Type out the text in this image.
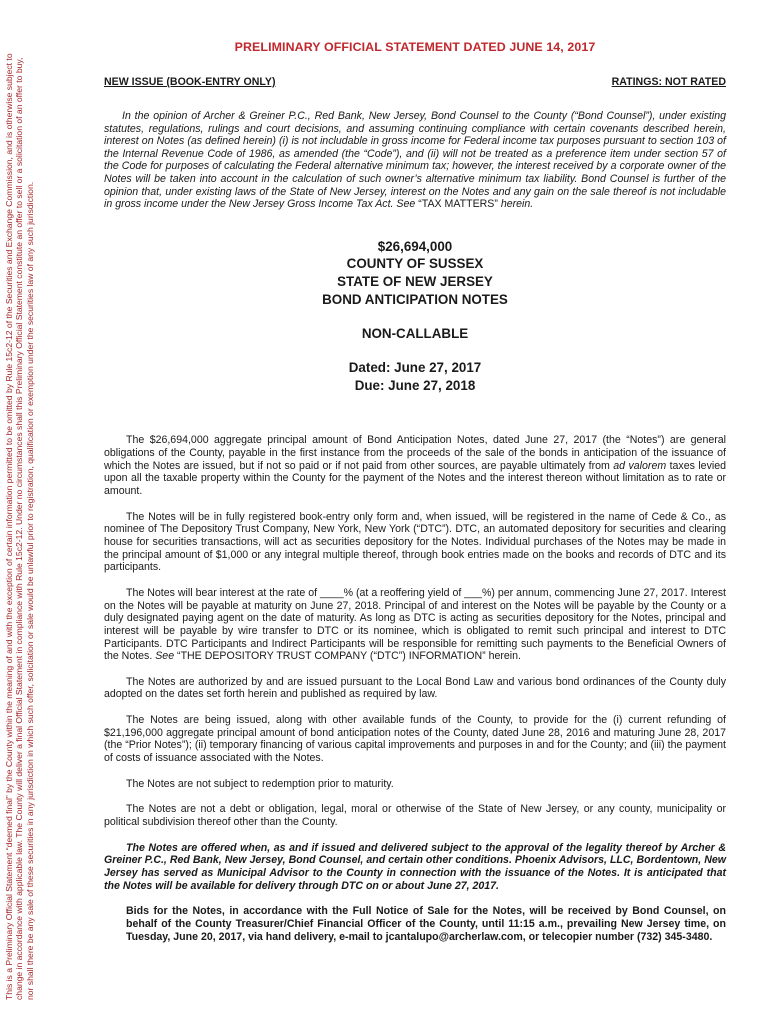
This is a Preliminary Official Statement “deemed final” by the County within the meaning of and with the exception of certain information permitted to be omitted by Rule 15c2-12 of the Securities and Exchange Commission, and is otherwise subject to change in accordance with applicable law. The County will deliver a final Official Statement in compliance with Rule 15c2-12. Under no circumstances shall this Preliminary Official Statement constitute an offer to sell or a solicitation of an offer to buy, nor shall there be any sale of these securities in any jurisdiction in which such offer, solicitation or sale would be unlawful prior to registration, qualification or exemption under the securities law of any such jurisdiction.

PRELIMINARY OFFICIAL STATEMENT DATED JUNE 14, 2017

NEW ISSUE (BOOK-ENTRY ONLY)	RATINGS: NOT RATED

In the opinion of Archer & Greiner P.C., Red Bank, New Jersey, Bond Counsel to the County (“Bond Counsel”), under existing statutes, regulations, rulings and court decisions, and assuming continuing compliance with certain covenants described herein, interest on Notes (as defined herein) (i) is not includable in gross income for Federal income tax purposes pursuant to section 103 of the Internal Revenue Code of 1986, as amended (the “Code”), and (ii) will not be treated as a preference item under section 57 of the Code for purposes of calculating the Federal alternative minimum tax; however, the interest received by a corporate owner of the Notes will be taken into account in the calculation of such owner’s alternative minimum tax liability. Bond Counsel is further of the opinion that, under existing laws of the State of New Jersey, interest on the Notes and any gain on the sale thereof is not includable in gross income under the New Jersey Gross Income Tax Act. See “TAX MATTERS” herein.

$26,694,000
COUNTY OF SUSSEX
STATE OF NEW JERSEY
BOND ANTICIPATION NOTES
NON-CALLABLE
Dated: June 27, 2017
Due: June 27, 2018

The $26,694,000 aggregate principal amount of Bond Anticipation Notes, dated June 27, 2017 (the “Notes”) are general obligations of the County, payable in the first instance from the proceeds of the sale of the bonds in anticipation of the issuance of which the Notes are issued, but if not so paid or if not paid from other sources, are payable ultimately from ad valorem taxes levied upon all the taxable property within the County for the payment of the Notes and the interest thereon without limitation as to rate or amount.

The Notes will be in fully registered book-entry only form and, when issued, will be registered in the name of Cede & Co., as nominee of The Depository Trust Company, New York, New York (“DTC”). DTC, an automated depository for securities and clearing house for securities transactions, will act as securities depository for the Notes. Individual purchases of the Notes may be made in the principal amount of $1,000 or any integral multiple thereof, through book entries made on the books and records of DTC and its participants.

The Notes will bear interest at the rate of ____% (at a reoffering yield of ___%) per annum, commencing June 27, 2017. Interest on the Notes will be payable at maturity on June 27, 2018. Principal of and interest on the Notes will be payable by the County or a duly designated paying agent on the date of maturity. As long as DTC is acting as securities depository for the Notes, principal and interest will be payable by wire transfer to DTC or its nominee, which is obligated to remit such principal and interest to DTC Participants. DTC Participants and Indirect Participants will be responsible for remitting such payments to the Beneficial Owners of the Notes. See “THE DEPOSITORY TRUST COMPANY (“DTC”) INFORMATION” herein.

The Notes are authorized by and are issued pursuant to the Local Bond Law and various bond ordinances of the County duly adopted on the dates set forth herein and published as required by law.

The Notes are being issued, along with other available funds of the County, to provide for the (i) current refunding of $21,196,000 aggregate principal amount of bond anticipation notes of the County, dated June 28, 2016 and maturing June 28, 2017 (the “Prior Notes”); (ii) temporary financing of various capital improvements and purposes in and for the County; and (iii) the payment of costs of issuance associated with the Notes.

The Notes are not subject to redemption prior to maturity.

The Notes are not a debt or obligation, legal, moral or otherwise of the State of New Jersey, or any county, municipality or political subdivision thereof other than the County.

The Notes are offered when, as and if issued and delivered subject to the approval of the legality thereof by Archer & Greiner P.C., Red Bank, New Jersey, Bond Counsel, and certain other conditions. Phoenix Advisors, LLC, Bordentown, New Jersey has served as Municipal Advisor to the County in connection with the issuance of the Notes. It is anticipated that the Notes will be available for delivery through DTC on or about June 27, 2017.

Bids for the Notes, in accordance with the Full Notice of Sale for the Notes, will be received by Bond Counsel, on behalf of the County Treasurer/Chief Financial Officer of the County, until 11:15 a.m., prevailing New Jersey time, on Tuesday, June 20, 2017, via hand delivery, e-mail to jcantalupo@archerlaw.com, or telecopier number (732) 345-3480.
